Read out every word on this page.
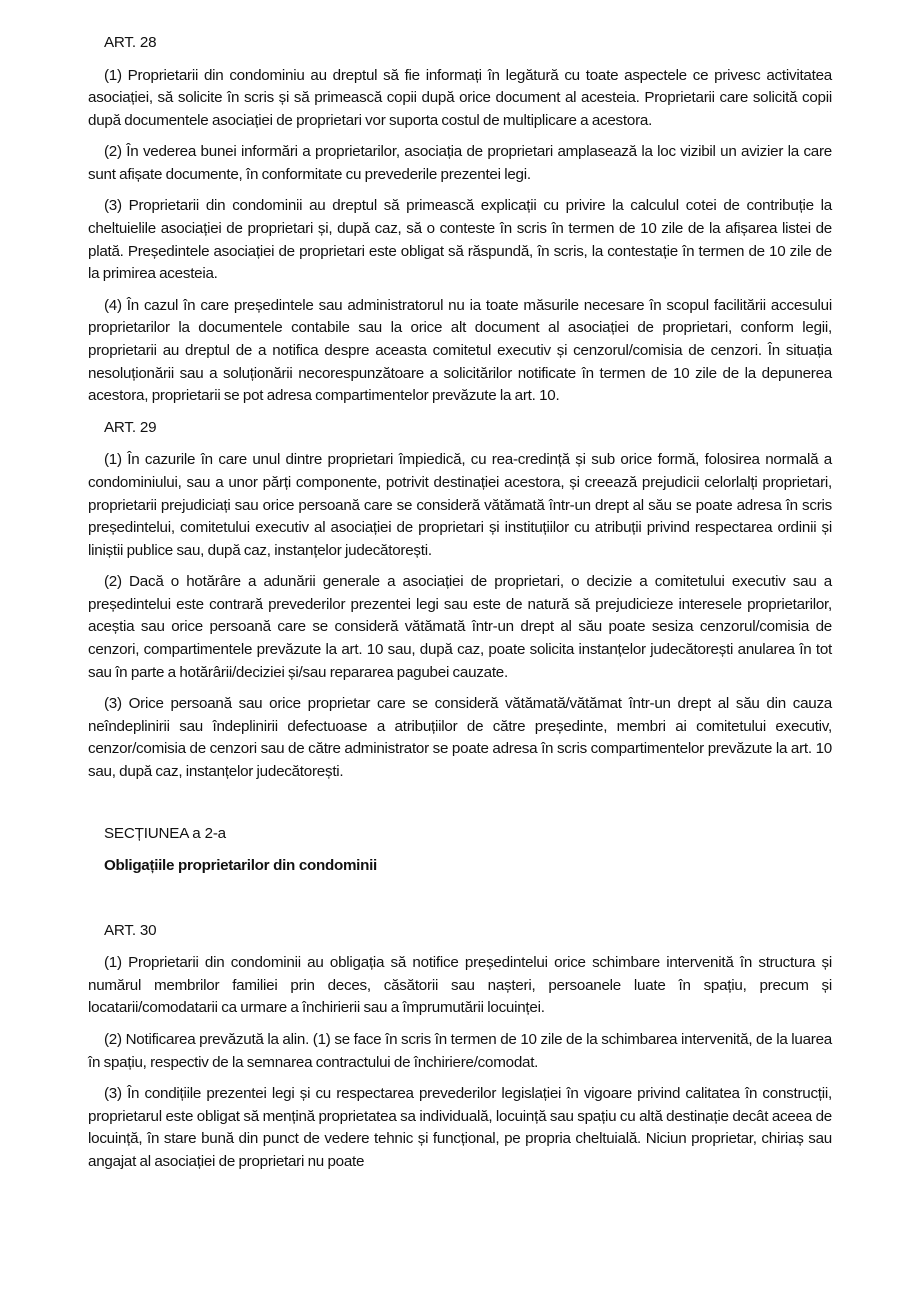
ART. 28

(1) Proprietarii din condominiu au dreptul să fie informați în legătură cu toate aspectele ce privesc activitatea asociației, să solicite în scris și să primească copii după orice document al acesteia. Proprietarii care solicită copii după documentele asociației de proprietari vor suporta costul de multiplicare a acestora.

(2) În vederea bunei informări a proprietarilor, asociația de proprietari amplasează la loc vizibil un avizier la care sunt afișate documente, în conformitate cu prevederile prezentei legi.

(3) Proprietarii din condominii au dreptul să primească explicații cu privire la calculul cotei de contribuție la cheltuielile asociației de proprietari și, după caz, să o conteste în scris în termen de 10 zile de la afișarea listei de plată. Președintele asociației de proprietari este obligat să răspundă, în scris, la contestație în termen de 10 zile de la primirea acesteia.

(4) În cazul în care președintele sau administratorul nu ia toate măsurile necesare în scopul facilitării accesului proprietarilor la documentele contabile sau la orice alt document al asociației de proprietari, conform legii, proprietarii au dreptul de a notifica despre aceasta comitetul executiv și cenzorul/comisia de cenzori. În situația nesoluționării sau a soluționării necorespunzătoare a solicitărilor notificate în termen de 10 zile de la depunerea acestora, proprietarii se pot adresa compartimentelor prevăzute la art. 10.

ART. 29

(1) În cazurile în care unul dintre proprietari împiedică, cu rea-credință și sub orice formă, folosirea normală a condominiului, sau a unor părți componente, potrivit destinației acestora, și creează prejudicii celorlalți proprietari, proprietarii prejudiciați sau orice persoană care se consideră vătămată într-un drept al său se poate adresa în scris președintelui, comitetului executiv al asociației de proprietari și instituțiilor cu atribuții privind respectarea ordinii și liniștii publice sau, după caz, instanțelor judecătorești.

(2) Dacă o hotărâre a adunării generale a asociației de proprietari, o decizie a comitetului executiv sau a președintelui este contrară prevederilor prezentei legi sau este de natură să prejudicieze interesele proprietarilor, aceștia sau orice persoană care se consideră vătămată într-un drept al său poate sesiza cenzorul/comisia de cenzori, compartimentele prevăzute la art. 10 sau, după caz, poate solicita instanțelor judecătorești anularea în tot sau în parte a hotărârii/deciziei și/sau repararea pagubei cauzate.

(3) Orice persoană sau orice proprietar care se consideră vătămată/vătămat într-un drept al său din cauza neîndeplinirii sau îndeplinirii defectuoase a atribuțiilor de către președinte, membri ai comitetului executiv, cenzor/comisia de cenzori sau de către administrator se poate adresa în scris compartimentelor prevăzute la art. 10 sau, după caz, instanțelor judecătorești.

SECȚIUNEA a 2-a
Obligațiile proprietarilor din condominii
ART. 30

(1) Proprietarii din condominii au obligația să notifice președintelui orice schimbare intervenită în structura și numărul membrilor familiei prin deces, căsătorii sau nașteri, persoanele luate în spațiu, precum și locatarii/comodatarii ca urmare a închirierii sau a împrumutării locuinței.

(2) Notificarea prevăzută la alin. (1) se face în scris în termen de 10 zile de la schimbarea intervenită, de la luarea în spațiu, respectiv de la semnarea contractului de închiriere/comodat.

(3) În condițiile prezentei legi și cu respectarea prevederilor legislației în vigoare privind calitatea în construcții, proprietarul este obligat să mențină proprietatea sa individuală, locuință sau spațiu cu altă destinație decât aceea de locuință, în stare bună din punct de vedere tehnic și funcțional, pe propria cheltuială. Niciun proprietar, chiriaș sau angajat al asociației de proprietari nu poate
